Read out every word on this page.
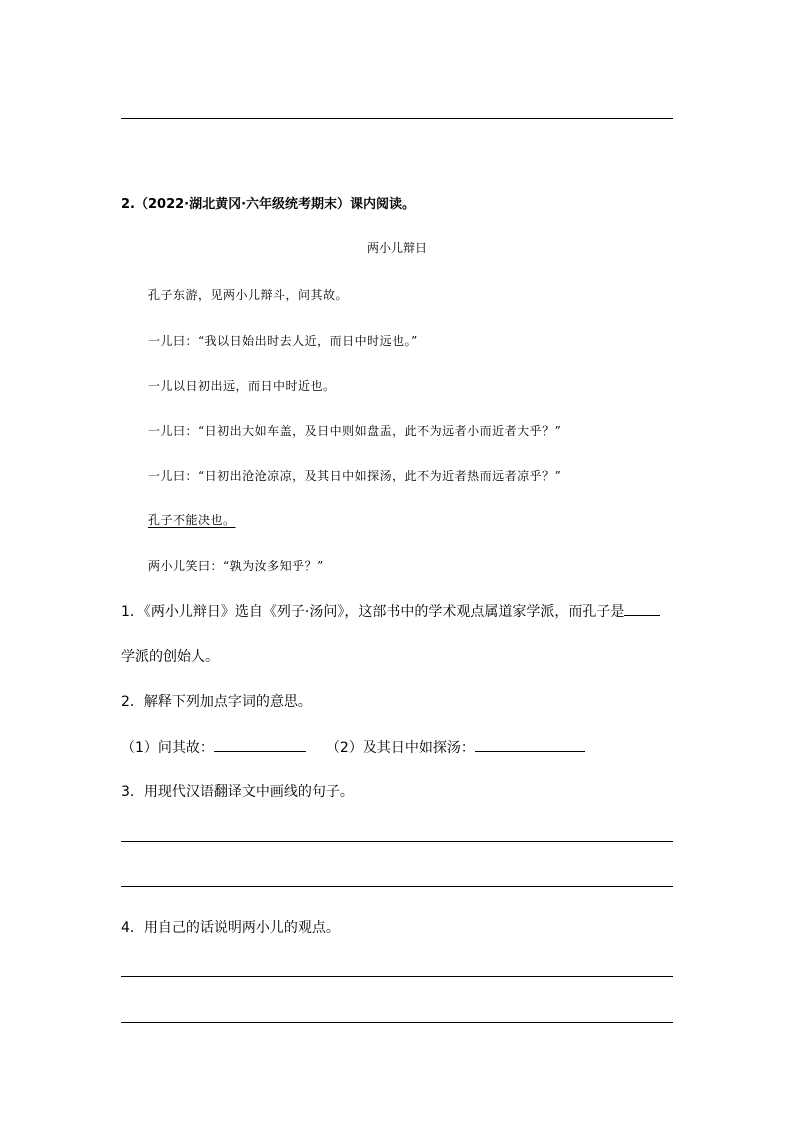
2.（2022·湖北黄冈·六年级统考期末）课内阅读。
两小儿辩日
孔子东游，见两小儿辩斗，问其故。
一儿曰：“我以日始出时去人近，而日中时远也。”
一儿以日初出远，而日中时近也。
一儿曰：“日初出大如车盖，及日中则如盘盂，此不为远者小而近者大乎？”
一儿曰：“日初出沧沧凉凉，及其日中如探汤，此不为近者热而远者凉乎？”
孔子不能决也。
两小儿笑曰：“孰为汝多知乎？”
1．《两小儿辩日》选自《列子·汤问》，这部书中的学术观点属道家学派，而孔子是
学派的创始人。
2．解释下列加点字词的意思。
（1）问其故：	（2）及其日中如探汤：
3．用现代汉语翻译文中画线的句子。
4．用自己的话说明两小儿的观点。
